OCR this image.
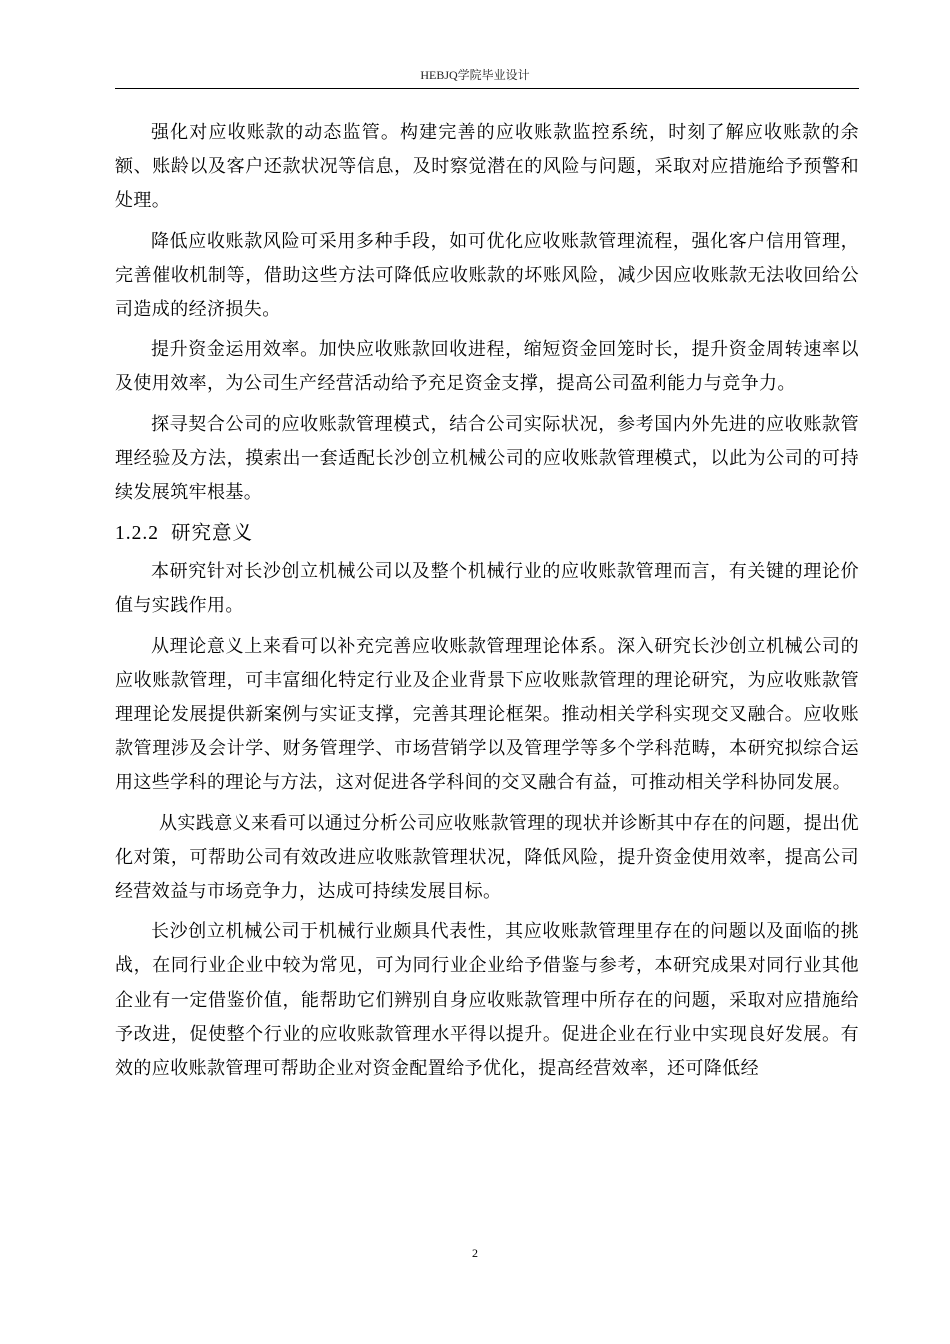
HEBJQ学院毕业设计

强化对应收账款的动态监管。构建完善的应收账款监控系统，时刻了解应收账款的余额、账龄以及客户还款状况等信息，及时察觉潜在的风险与问题，采取对应措施给予预警和处理。

降低应收账款风险可采用多种手段，如可优化应收账款管理流程，强化客户信用管理，完善催收机制等，借助这些方法可降低应收账款的坏账风险，减少因应收账款无法收回给公司造成的经济损失。

提升资金运用效率。加快应收账款回收进程，缩短资金回笼时长，提升资金周转速率以及使用效率，为公司生产经营活动给予充足资金支撑，提高公司盈利能力与竞争力。

探寻契合公司的应收账款管理模式，结合公司实际状况，参考国内外先进的应收账款管理经验及方法，摸索出一套适配长沙创立机械公司的应收账款管理模式，以此为公司的可持续发展筑牢根基。

1.2.2 研究意义

本研究针对长沙创立机械公司以及整个机械行业的应收账款管理而言，有关键的理论价值与实践作用。

从理论意义上来看可以补充完善应收账款管理理论体系。深入研究长沙创立机械公司的应收账款管理，可丰富细化特定行业及企业背景下应收账款管理的理论研究，为应收账款管理理论发展提供新案例与实证支撑，完善其理论框架。推动相关学科实现交叉融合。应收账款管理涉及会计学、财务管理学、市场营销学以及管理学等多个学科范畴，本研究拟综合运用这些学科的理论与方法，这对促进各学科间的交叉融合有益，可推动相关学科协同发展。

从实践意义来看可以通过分析公司应收账款管理的现状并诊断其中存在的问题，提出优化对策，可帮助公司有效改进应收账款管理状况，降低风险，提升资金使用效率，提高公司经营效益与市场竞争力，达成可持续发展目标。

长沙创立机械公司于机械行业颇具代表性，其应收账款管理里存在的问题以及面临的挑战，在同行业企业中较为常见，可为同行业企业给予借鉴与参考，本研究成果对同行业其他企业有一定借鉴价值，能帮助它们辨别自身应收账款管理中所存在的问题，采取对应措施给予改进，促使整个行业的应收账款管理水平得以提升。促进企业在行业中实现良好发展。有效的应收账款管理可帮助企业对资金配置给予优化，提高经营效率，还可降低经

2
